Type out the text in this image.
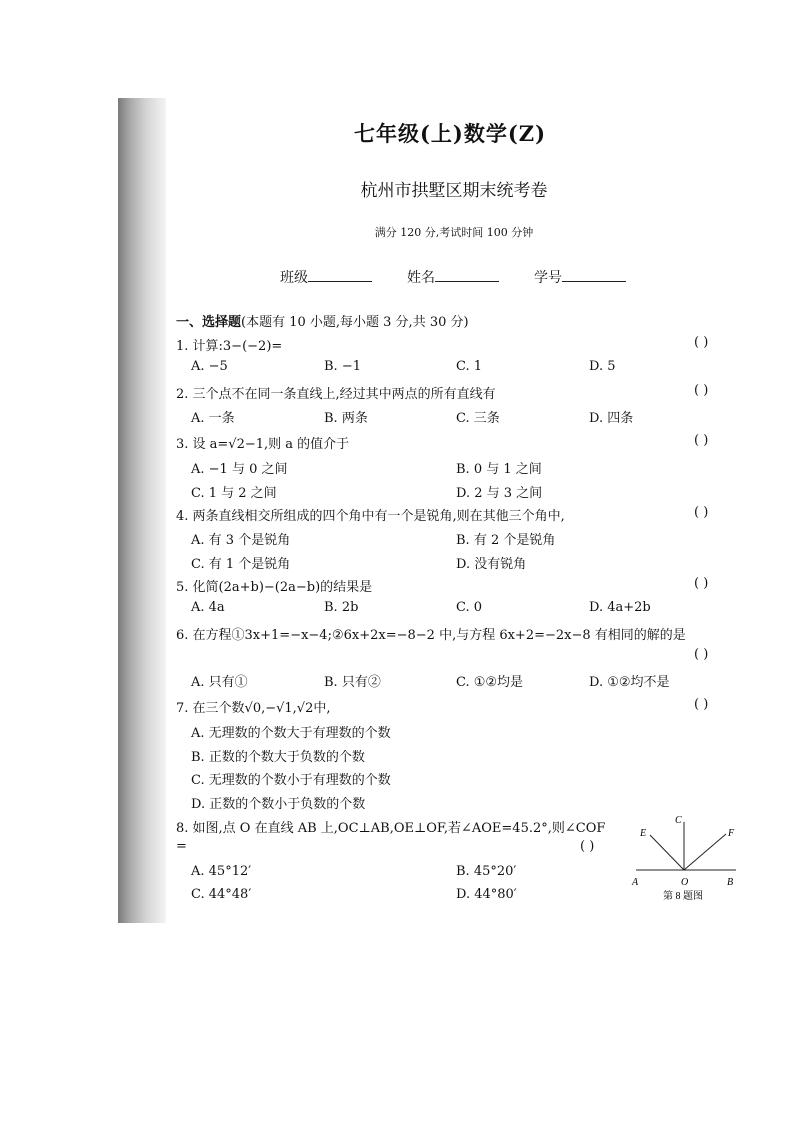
七年级(上)数学(Z)
杭州市拱墅区期末统考卷
满分 120 分,考试时间 100 分钟
班级	姓名	学号
一、选择题(本题有 10 小题,每小题 3 分,共 30 分)
1. 计算:3−(−2)=	( )
A. −5	B. −1	C. 1	D. 5
2. 三个点不在同一条直线上,经过其中两点的所有直线有	( )
A. 一条	B. 两条	C. 三条	D. 四条
3. 设 a=√2−1,则 a 的值介于	( )
A. −1 与 0 之间	B. 0 与 1 之间
C. 1 与 2 之间	D. 2 与 3 之间
4. 两条直线相交所组成的四个角中有一个是锐角,则在其他三个角中,	( )
A. 有 3 个是锐角	B. 有 2 个是锐角
C. 有 1 个是锐角	D. 没有锐角
5. 化简(2a+b)−(2a−b)的结果是	( )
A. 4a	B. 2b	C. 0	D. 4a+2b
6. 在方程①3x+1=−x−4;②6x+2x=−8−2 中,与方程 6x+2=−2x−8 有相同的解的是
( )
A. 只有①	B. 只有②	C. ①②均是	D. ①②均不是
7. 在三个数√0,−√1,√2中,	( )
A. 无理数的个数大于有理数的个数
B. 正数的个数大于负数的个数
C. 无理数的个数小于有理数的个数
D. 正数的个数小于负数的个数
8. 如图,点 O 在直线 AB 上,OC⊥AB,OE⊥OF,若∠AOE=45.2°,则∠COF
=	( )
A. 45°12′	B. 45°20′
C. 44°48′	D. 44°80′
C
E	F
A	O	B
第 8 题图
